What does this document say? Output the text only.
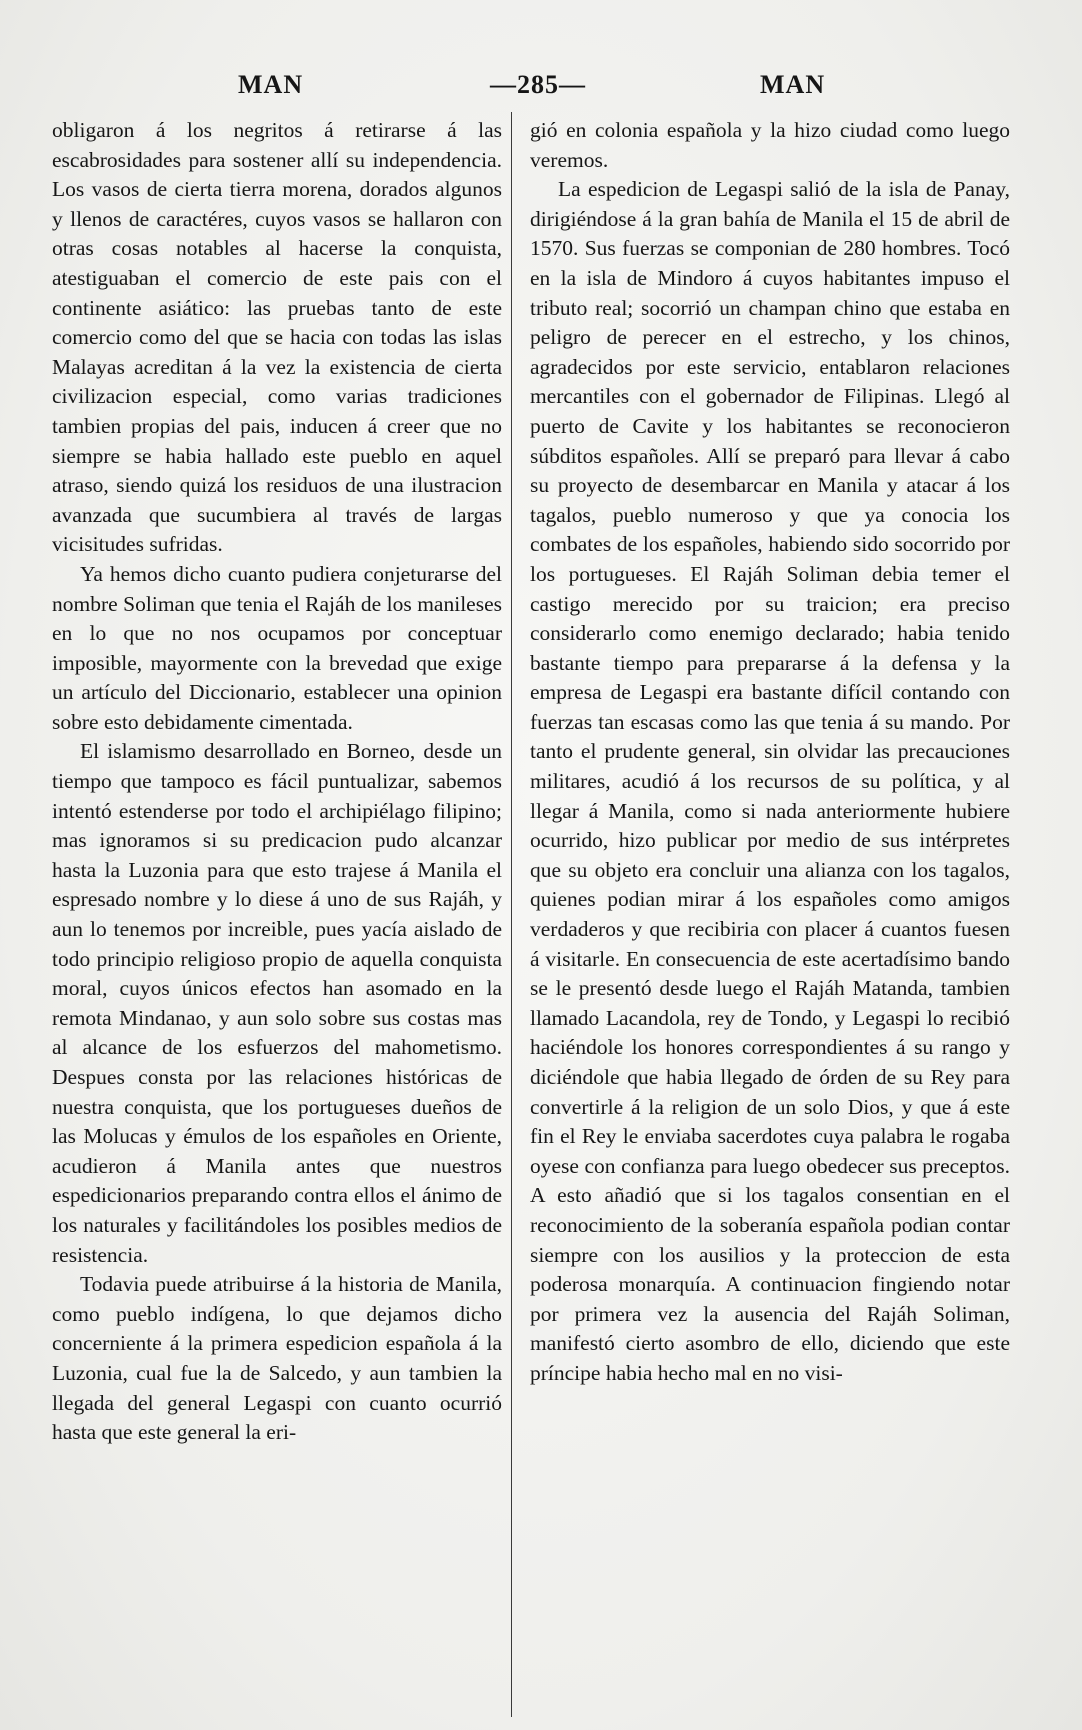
MAN	—285—	MAN

obligaron á los negritos á retirarse á las escabrosidades para sostener allí su independencia. Los vasos de cierta tierra morena, dorados algunos y llenos de caractéres, cuyos vasos se hallaron con otras cosas notables al hacerse la conquista, atestiguaban el comercio de este pais con el continente asiático: las pruebas tanto de este comercio como del que se hacia con todas las islas Malayas acreditan á la vez la existencia de cierta civilizacion especial, como varias tradiciones tambien propias del pais, inducen á creer que no siempre se habia hallado este pueblo en aquel atraso, siendo quizá los residuos de una ilustracion avanzada que sucumbiera al través de largas vicisitudes sufridas.

Ya hemos dicho cuanto pudiera conjeturarse del nombre Soliman que tenia el Rajáh de los manileses en lo que no nos ocupamos por conceptuar imposible, mayormente con la brevedad que exige un artículo del Diccionario, establecer una opinion sobre esto debidamente cimentada.

El islamismo desarrollado en Borneo, desde un tiempo que tampoco es fácil puntualizar, sabemos intentó estenderse por todo el archipiélago filipino; mas ignoramos si su predicacion pudo alcanzar hasta la Luzonia para que esto trajese á Manila el espresado nombre y lo diese á uno de sus Rajáh, y aun lo tenemos por increible, pues yacía aislado de todo principio religioso propio de aquella conquista moral, cuyos únicos efectos han asomado en la remota Mindanao, y aun solo sobre sus costas mas al alcance de los esfuerzos del mahometismo. Despues consta por las relaciones históricas de nuestra conquista, que los portugueses dueños de las Molucas y émulos de los españoles en Oriente, acudieron á Manila antes que nuestros espedicionarios preparando contra ellos el ánimo de los naturales y facilitándoles los posibles medios de resistencia.

Todavia puede atribuirse á la historia de Manila, como pueblo indígena, lo que dejamos dicho concerniente á la primera espedicion española á la Luzonia, cual fue la de Salcedo, y aun tambien la llegada del general Legaspi con cuanto ocurrió hasta que este general la eri-

gió en colonia española y la hizo ciudad como luego veremos.

La espedicion de Legaspi salió de la isla de Panay, dirigiéndose á la gran bahía de Manila el 15 de abril de 1570. Sus fuerzas se componian de 280 hombres. Tocó en la isla de Mindoro á cuyos habitantes impuso el tributo real; socorrió un champan chino que estaba en peligro de perecer en el estrecho, y los chinos, agradecidos por este servicio, entablaron relaciones mercantiles con el gobernador de Filipinas. Llegó al puerto de Cavite y los habitantes se reconocieron súbditos españoles. Allí se preparó para llevar á cabo su proyecto de desembarcar en Manila y atacar á los tagalos, pueblo numeroso y que ya conocia los combates de los españoles, habiendo sido socorrido por los portugueses. El Rajáh Soliman debia temer el castigo merecido por su traicion; era preciso considerarlo como enemigo declarado; habia tenido bastante tiempo para prepararse á la defensa y la empresa de Legaspi era bastante difícil contando con fuerzas tan escasas como las que tenia á su mando. Por tanto el prudente general, sin olvidar las precauciones militares, acudió á los recursos de su política, y al llegar á Manila, como si nada anteriormente hubiere ocurrido, hizo publicar por medio de sus intérpretes que su objeto era concluir una alianza con los tagalos, quienes podian mirar á los españoles como amigos verdaderos y que recibiria con placer á cuantos fuesen á visitarle. En consecuencia de este acertadísimo bando se le presentó desde luego el Rajáh Matanda, tambien llamado Lacandola, rey de Tondo, y Legaspi lo recibió haciéndole los honores correspondientes á su rango y diciéndole que habia llegado de órden de su Rey para convertirle á la religion de un solo Dios, y que á este fin el Rey le enviaba sacerdotes cuya palabra le rogaba oyese con confianza para luego obedecer sus preceptos. A esto añadió que si los tagalos consentian en el reconocimiento de la soberanía española podian contar siempre con los ausilios y la proteccion de esta poderosa monarquía. A continuacion fingiendo notar por primera vez la ausencia del Rajáh Soliman, manifestó cierto asombro de ello, diciendo que este príncipe habia hecho mal en no visi-
